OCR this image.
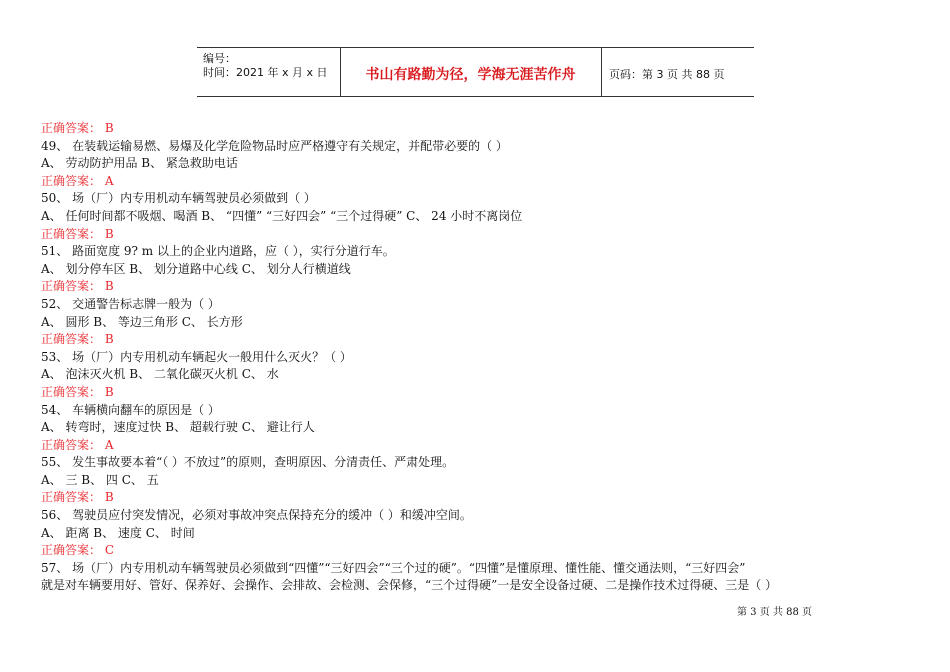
编号：
时间：2021 年 x 月 x 日	书山有路勤为径，学海无涯苦作舟	页码：第 3 页 共 88 页
正确答案： B
49、 在装载运输易燃、易爆及化学危险物品时应严格遵守有关规定，并配带必要的（ ）
A、 劳动防护用品 B、 紧急救助电话
正确答案： A
50、 场（厂）内专用机动车辆驾驶员必须做到（ ）
A、 任何时间都不吸烟、喝酒 B、 “四懂” “三好四会” “三个过得硬” C、 24 小时不离岗位
正确答案： B
51、 路面宽度 9? m 以上的企业内道路，应（ ），实行分道行车。
A、 划分停车区 B、 划分道路中心线 C、 划分人行横道线
正确答案： B
52、 交通警告标志牌一般为（ ）
A、 圆形 B、 等边三角形 C、 长方形
正确答案： B
53、 场（厂）内专用机动车辆起火一般用什么灭火？（ ）
A、 泡沫灭火机 B、 二氧化碳灭火机 C、 水
正确答案： B
54、 车辆横向翻车的原因是（ ）
A、 转弯时，速度过快 B、 超载行驶 C、 避让行人
正确答案： A
55、 发生事故要本着“（ ）不放过”的原则，查明原因、分清责任、严肃处理。
A、 三 B、 四 C、 五
正确答案： B
56、 驾驶员应付突发情况，必须对事故冲突点保持充分的缓冲（ ）和缓冲空间。
A、 距离 B、 速度 C、 时间
正确答案： C
57、 场（厂）内专用机动车辆驾驶员必须做到“四懂”“三好四会”“三个过的硬”。“四懂”是懂原理、懂性能、懂交通法则，“三好四会”
就是对车辆要用好、管好、保养好、会操作、会排故、会检测、会保修，“三个过得硬”一是安全设备过硬、二是操作技术过得硬、三是（ ）
第 3 页 共 88 页
